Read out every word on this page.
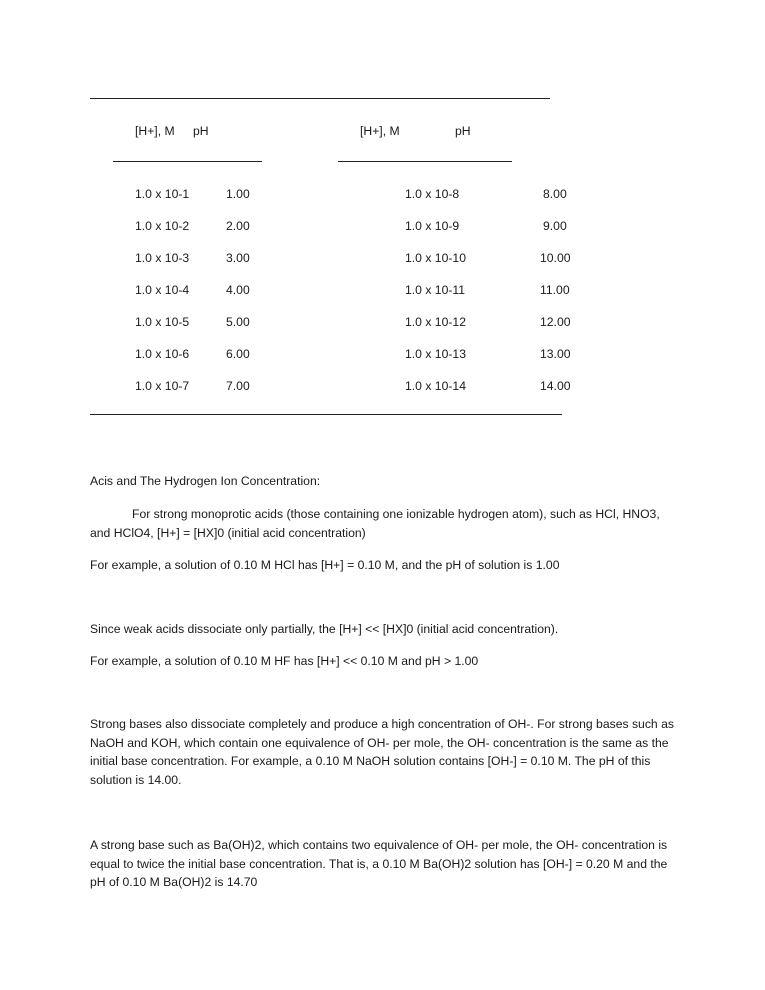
[H+], M pH	[H+], M	pH
1.0 x 10-1	1.00	1.0 x 10-8	8.00
1.0 x 10-2	2.00	1.0 x 10-9	9.00
1.0 x 10-3	3.00	1.0 x 10-10	10.00
1.0 x 10-4	4.00	1.0 x 10-11	11.00
1.0 x 10-5	5.00	1.0 x 10-12	12.00
1.0 x 10-6	6.00	1.0 x 10-13	13.00
1.0 x 10-7	7.00	1.0 x 10-14	14.00
Acis and The Hydrogen Ion Concentration:
For strong monoprotic acids (those containing one ionizable hydrogen atom), such as HCl, HNO3, and HClO4, [H+] = [HX]0 (initial acid concentration)
For example, a solution of 0.10 M HCl has [H+] = 0.10 M, and the pH of solution is 1.00
Since weak acids dissociate only partially, the [H+] << [HX]0 (initial acid concentration).
For example, a solution of 0.10 M HF has [H+] << 0.10 M and pH > 1.00
Strong bases also dissociate completely and produce a high concentration of OH-. For strong bases such as NaOH and KOH, which contain one equivalence of OH- per mole, the OH- concentration is the same as the initial base concentration. For example, a 0.10 M NaOH solution contains [OH-] = 0.10 M. The pH of this solution is 14.00.
A strong base such as Ba(OH)2, which contains two equivalence of OH- per mole, the OH- concentration is equal to twice the initial base concentration. That is, a 0.10 M Ba(OH)2 solution has [OH-] = 0.20 M and the pH of 0.10 M Ba(OH)2 is 14.70
